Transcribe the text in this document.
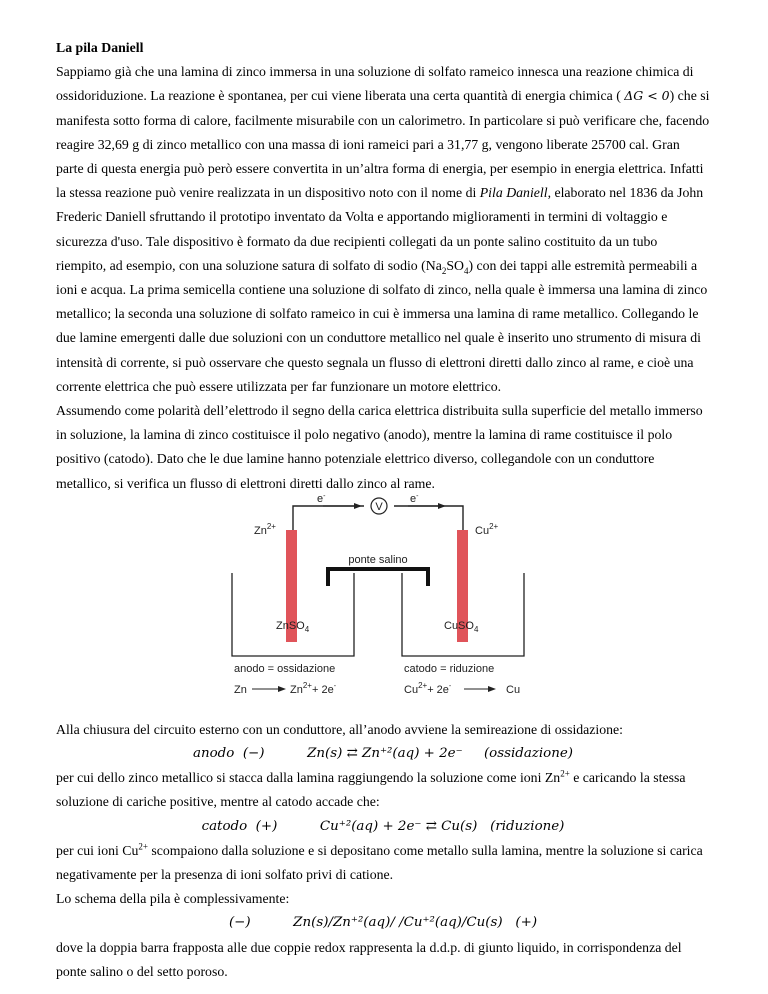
La pila Daniell

Sappiamo già che una lamina di zinco immersa in una soluzione di solfato rameico innesca una reazione chimica di ossidoriduzione. La reazione è spontanea, per cui viene liberata una certa quantità di energia chimica ( ΔG < 0) che si manifesta sotto forma di calore, facilmente misurabile con un calorimetro. In particolare si può verificare che, facendo reagire 32,69 g di zinco metallico con una massa di ioni rameici pari a 31,77 g, vengono liberate 25700 cal. Gran parte di questa energia può però essere convertita in un’altra forma di energia, per esempio in energia elettrica. Infatti la stessa reazione può venire realizzata in un dispositivo noto con il nome di Pila Daniell, elaborato nel 1836 da John Frederic Daniell sfruttando il prototipo inventato da Volta e apportando miglioramenti in termini di voltaggio e sicurezza d'uso. Tale dispositivo è formato da due recipienti collegati da un ponte salino costituito da un tubo riempito, ad esempio, con una soluzione satura di solfato di sodio $(Na_2SO_4)$ con dei tappi alle estremità permeabili a ioni e acqua. La prima semicella contiene una soluzione di solfato di zinco, nella quale è immersa una lamina di zinco metallico; la seconda una soluzione di solfato rameico in cui è immersa una lamina di rame metallico. Collegando le due lamine emergenti dalle due soluzioni con un conduttore metallico nel quale è inserito uno strumento di misura di intensità di corrente, si può osservare che questo segnala un flusso di elettroni diretti dallo zinco al rame, e cioè una corrente elettrica che può essere utilizzata per far funzionare un motore elettrico.

Assumendo come polarità dell’elettrodo il segno della carica elettrica distribuita sulla superficie del metallo immerso in soluzione, la lamina di zinco costituisce il polo negativo (anodo), mentre la lamina di rame costituisce il polo positivo (catodo). Dato che le due lamine hanno potenziale elettrico diverso, collegandole con un conduttore metallico, si verifica un flusso di elettroni diretti dallo zinco al rame.

e-	e-
V
$Zn^{2+}$	$Cu^{2+}$
ponte salino
ZnSO$_4$	CuSO$_4$
anodo = ossidazione	catodo = riduzione
Zn	$Zn^{2+}+ 2e^-$	$Cu^{2+}+ 2e^-$	Cu

Alla chiusura del circuito esterno con un conduttore, all’anodo avviene la semireazione di ossidazione:

anodo  (−)          Zn(s) ⇄ Zn⁺²(aq) + 2e⁻     (ossidazione)

per cui dello zinco metallico si stacca dalla lamina raggiungendo la soluzione come ioni $Zn^{2+}$ e caricando la stessa soluzione di cariche positive, mentre al catodo accade che:

catodo  (+)          Cu⁺²(aq) + 2e⁻ ⇄ Cu(s)   (riduzione)

per cui ioni $Cu^{2+}$ scompaiono dalla soluzione e si depositano come metallo sulla lamina, mentre la soluzione si carica negativamente per la presenza di ioni solfato privi di catione.

Lo schema della pila è complessivamente:

(−)          Zn(s)/Zn⁺²(aq)/ /Cu⁺²(aq)/Cu(s)   (+)

dove la doppia barra frapposta alle due coppie redox rappresenta la d.d.p. di giunto liquido, in corrispondenza del ponte salino o del setto poroso.
